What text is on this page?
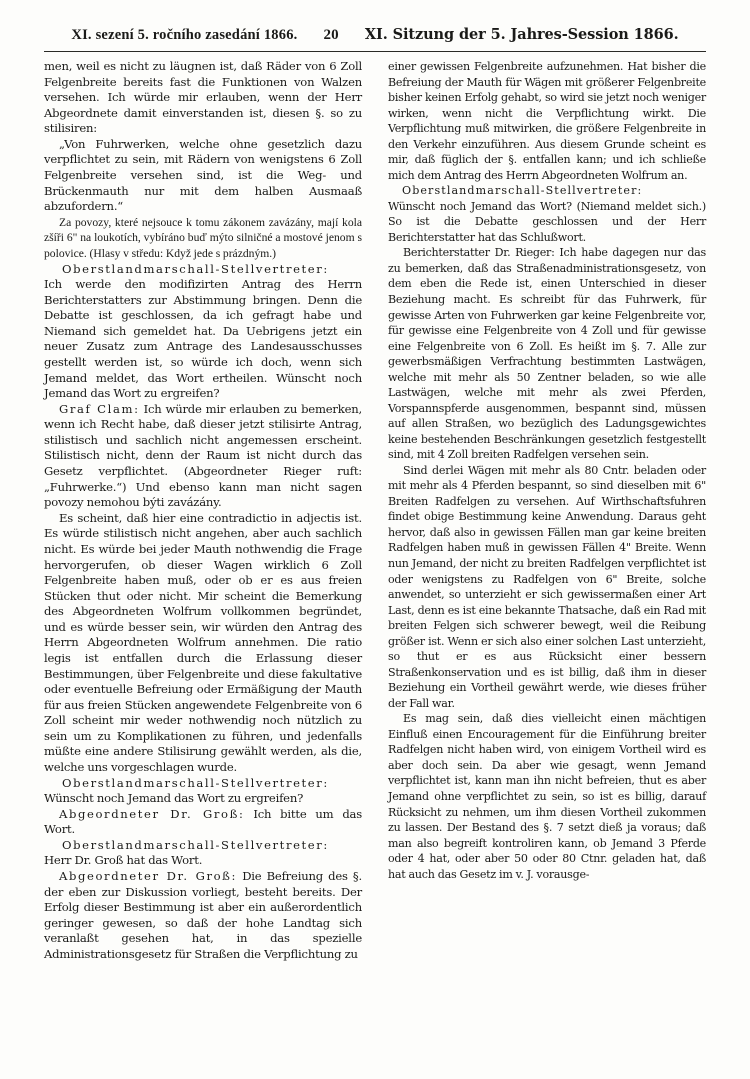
XI. sezení 5. ročního zasedání 1866.	20	XI. Sitzung der 5. Jahres-Session 1866.

men, weil es nicht zu läugnen ist, daß Räder von 6 Zoll Felgenbreite bereits fast die Funktionen von Walzen versehen. Ich würde mir erlauben, wenn der Herr Abgeordnete damit einverstanden ist, diesen §. so zu stilisiren:

„Von Fuhrwerken, welche ohne gesetzlich dazu verpflichtet zu sein, mit Rädern von wenigstens 6 Zoll Felgenbreite versehen sind, ist die Weg- und Brückenmauth nur mit dem halben Ausmaaß abzufordern.“

Za povozy, které nejsouce k tomu zákonem zavázány, mají kola zšíři 6" na loukotích, vybíráno buď mýto silničné a mostové jenom s polovice. (Hlasy v středu: Když jede s prázdným.)

Oberstlandmarschall-Stellvertreter:
Ich werde den modifizirten Antrag des Herrn Berichterstatters zur Abstimmung bringen. Denn die Debatte ist geschlossen, da ich gefragt habe und Niemand sich gemeldet hat. Da Uebrigens jetzt ein neuer Zusatz zum Antrage des Landesausschusses gestellt werden ist, so würde ich doch, wenn sich Jemand meldet, das Wort ertheilen. Wünscht noch Jemand das Wort zu ergreifen?

Graf Clam: Ich würde mir erlauben zu bemerken, wenn ich Recht habe, daß dieser jetzt stilisirte Antrag, stilistisch und sachlich nicht angemessen erscheint. Stilistisch nicht, denn der Raum ist nicht durch das Gesetz verpflichtet. (Abgeordneter Rieger ruft: „Fuhrwerke.“) Und ebenso kann man nicht sagen povozy nemohou býti zavázány.

Es scheint, daß hier eine contradictio in adjectis ist. Es würde stilistisch nicht angehen, aber auch sachlich nicht. Es würde bei jeder Mauth nothwendig die Frage hervorgerufen, ob dieser Wagen wirklich 6 Zoll Felgenbreite haben muß, oder ob er es aus freien Stücken thut oder nicht. Mir scheint die Bemerkung des Abgeordneten Wolfrum vollkommen begründet, und es würde besser sein, wir würden den Antrag des Herrn Abgeordneten Wolfrum annehmen. Die ratio legis ist entfallen durch die Erlassung dieser Bestimmungen, über Felgenbreite und diese fakultative oder eventuelle Befreiung oder Ermäßigung der Mauth für aus freien Stücken angewendete Felgenbreite von 6 Zoll scheint mir weder nothwendig noch nützlich zu sein um zu Komplikationen zu führen, und jedenfalls müßte eine andere Stilisirung gewählt werden, als die, welche uns vorgeschlagen wurde.

Oberstlandmarschall-Stellvertreter:
Wünscht noch Jemand das Wort zu ergreifen?

Abgeordneter Dr. Groß: Ich bitte um das Wort.

Oberstlandmarschall-Stellvertreter:
Herr Dr. Groß hat das Wort.

Abgeordneter Dr. Groß: Die Befreiung des §. der eben zur Diskussion vorliegt, besteht bereits. Der Erfolg dieser Bestimmung ist aber ein außerordentlich geringer gewesen, so daß der hohe Landtag sich veranlaßt gesehen hat, in das spezielle Administrationsgesetz für Straßen die Verpflichtung zu

einer gewissen Felgenbreite aufzunehmen. Hat bisher die Befreiung der Mauth für Wägen mit größerer Felgenbreite bisher keinen Erfolg gehabt, so wird sie jetzt noch weniger wirken, wenn nicht die Verpflichtung wirkt. Die Verpflichtung muß mitwirken, die größere Felgenbreite in den Verkehr einzuführen. Aus diesem Grunde scheint es mir, daß füglich der §. entfallen kann; und ich schließe mich dem Antrag des Herrn Abgeordneten Wolfrum an.

Oberstlandmarschall-Stellvertreter:
Wünscht noch Jemand das Wort? (Niemand meldet sich.) So ist die Debatte geschlossen und der Herr Berichterstatter hat das Schlußwort.

Berichterstatter Dr. Rieger: Ich habe dagegen nur das zu bemerken, daß das Straßenadministrationsgesetz, von dem eben die Rede ist, einen Unterschied in dieser Beziehung macht. Es schreibt für das Fuhrwerk, für gewisse Arten von Fuhrwerken gar keine Felgenbreite vor, für gewisse eine Felgenbreite von 4 Zoll und für gewisse eine Felgenbreite von 6 Zoll. Es heißt im §. 7. Alle zur gewerbsmäßigen Verfrachtung bestimmten Lastwägen, welche mit mehr als 50 Zentner beladen, so wie alle Lastwägen, welche mit mehr als zwei Pferden, Vorspannspferde ausgenommen, bespannt sind, müssen auf allen Straßen, wo bezüglich des Ladungsgewichtes keine bestehenden Beschränkungen gesetzlich festgestellt sind, mit 4 Zoll breiten Radfelgen versehen sein.

Sind derlei Wägen mit mehr als 80 Cntr. beladen oder mit mehr als 4 Pferden bespannt, so sind dieselben mit 6" Breiten Radfelgen zu versehen. Auf Wirthschaftsfuhren findet obige Bestimmung keine Anwendung. Daraus geht hervor, daß also in gewissen Fällen man gar keine breiten Radfelgen haben muß in gewissen Fällen 4" Breite. Wenn nun Jemand, der nicht zu breiten Radfelgen verpflichtet ist oder wenigstens zu Radfelgen von 6" Breite, solche anwendet, so unterzieht er sich gewissermaßen einer Art Last, denn es ist eine bekannte Thatsache, daß ein Rad mit breiten Felgen sich schwerer bewegt, weil die Reibung größer ist. Wenn er sich also einer solchen Last unterzieht, so thut er es aus Rücksicht einer bessern Straßenkonservation und es ist billig, daß ihm in dieser Beziehung ein Vortheil gewährt werde, wie dieses früher der Fall war.

Es mag sein, daß dies vielleicht einen mächtigen Einfluß einen Encouragement für die Einführung breiter Radfelgen nicht haben wird, von einigem Vortheil wird es aber doch sein. Da aber wie gesagt, wenn Jemand verpflichtet ist, kann man ihn nicht befreien, thut es aber Jemand ohne verpflichtet zu sein, so ist es billig, darauf Rücksicht zu nehmen, um ihm diesen Vortheil zukommen zu lassen. Der Bestand des §. 7 setzt dieß ja voraus; daß man also begreift kontroliren kann, ob Jemand 3 Pferde oder 4 hat, oder aber 50 oder 80 Ctnr. geladen hat, daß hat auch das Gesetz im v. J. vorausge-
